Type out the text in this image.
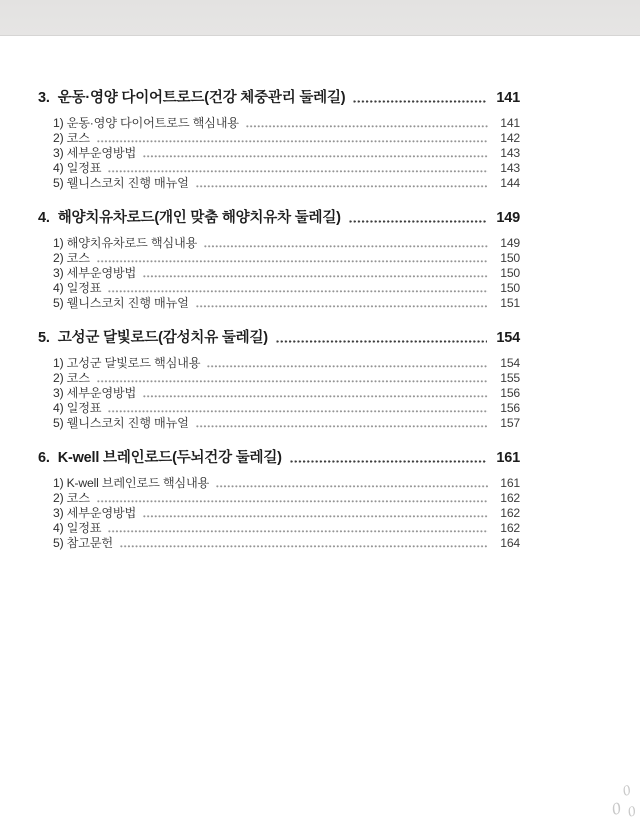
3. 운동·영양 다이어트로드(건강 체중관리 둘레길)	141
1) 운동·영양 다이어트로드 핵심내용	141
2) 코스	142
3) 세부운영방법	143
4) 일정표	143
5) 웰니스코치 진행 매뉴얼	144
4. 해양치유차로드(개인 맞춤 해양치유차 둘레길)	149
1) 해양치유차로드 핵심내용	149
2) 코스	150
3) 세부운영방법	150
4) 일정표	150
5) 웰니스코치 진행 매뉴얼	151
5. 고성군 달빛로드(감성치유 둘레길)	154
1) 고성군 달빛로드 핵심내용	154
2) 코스	155
3) 세부운영방법	156
4) 일정표	156
5) 웰니스코치 진행 매뉴얼	157
6. K-well 브레인로드(두뇌건강 둘레길)	161
1) K-well 브레인로드 핵심내용	161
2) 코스	162
3) 세부운영방법	162
4) 일정표	162
5) 참고문헌	164
0
0 0
